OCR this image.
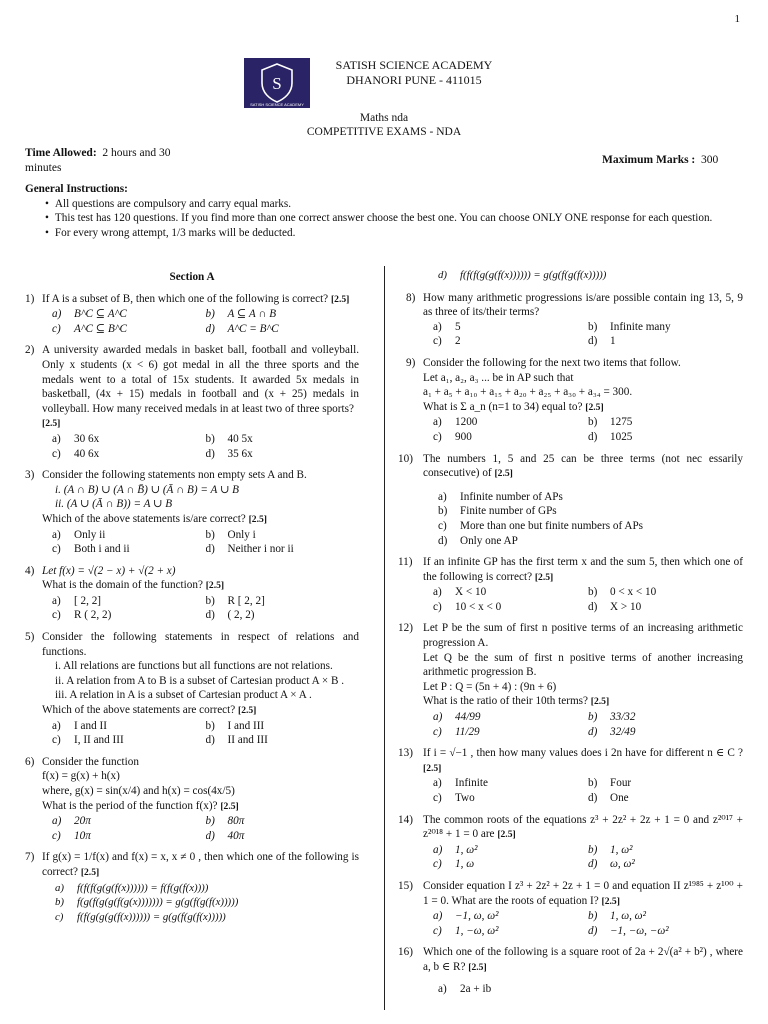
1
S
SATISH SCIENCE ACADEMY
SATISH SCIENCE ACADEMY
DHANORI PUNE - 411015
Maths nda
COMPETITIVE EXAMS - NDA
Time Allowed: 2 hours and 30
minutes
Maximum Marks : 300
General Instructions:
• All questions are compulsory and carry equal marks.
• This test has 120 questions. If you find more than one correct answer choose the best one. You can choose ONLY ONE response for each question.
• For every wrong attempt, 1/3 marks will be deducted.
Section A
1) If A is a subset of B, then which one of the following is correct? [2.5]
a)	B^C ⊆ A^C	b)	A ⊆ A ∩ B
c)	A^C ⊆ B^C	d)	A^C = B^C
2) A university awarded medals in basket ball, football and volleyball. Only x students (x < 6) got medal in all the three sports and the medals went to a total of 15x students. It awarded 5x medals in basketball, (4x + 15) medals in football and (x + 25) medals in volleyball. How many received medals in at least two of three sports?
[2.5]
a)	30 6x	b)	40 5x
c)	40 6x	d)	35 6x
3) Consider the following statements non empty sets A and B.
i. (A ∩ B) ∪ (A ∩ B̄) ∪ (Ā ∩ B) = A ∪ B
ii. (A ∪ (Ā ∩ B)) = A ∪ B
Which of the above statements is/are correct? [2.5]
a)	Only ii	b)	Only i
c)	Both i and ii	d)	Neither i nor ii
4) Let f(x) = √(2 − x) + √(2 + x)
What is the domain of the function? [2.5]
a)	[ 2, 2]	b)	R [ 2, 2]
c)	R ( 2, 2)	d)	( 2, 2)
5) Consider the following statements in respect of relations and functions.
i. All relations are functions but all functions are not relations.
ii. A relation from A to B is a subset of Cartesian product A × B .
iii. A relation in A is a subset of Cartesian product A × A .
Which of the above statements are correct? [2.5]
a)	I and II	b)	I and III
c)	I, II and III	d)	II and III
6) Consider the function
f(x) = g(x) + h(x)
where, g(x) = sin(x/4) and h(x) = cos(4x/5)
What is the period of the function f(x)? [2.5]
a)	20π	b)	80π
c)	10π	d)	40π
7) If g(x) = 1/f(x) and f(x) = x, x ≠ 0 , then which one of the following is correct? [2.5]
a)	f(f(f(g(g(f(x)))))) = f(f(g(f(x))))
b)	f(g(f(g(g(f(g(x))))))) = g(g(f(g(f(x)))))
c)	f(f(g(g(g(f(x)))))) = g(g(f(g(f(x)))))
d)	f(f(f(g(g(f(x)))))) = g(g(f(g(f(x)))))
8) How many arithmetic progressions is/are possible contain ing 13, 5, 9 as three of its/their terms?
a)	5	b)	Infinite many
c)	2	d)	1
9) Consider the following for the next two items that follow.
Let a₁, a₂, a₃ ... be in AP such that
a₁ + a₅ + a₁₀ + a₁₅ + a₂₀ + a₂₅ + a₃₀ + a₃₄ = 300.
What is Σ a_n (n=1 to 34) equal to? [2.5]
a)	1200	b)	1275
c)	900	d)	1025
10) The numbers 1, 5 and 25 can be three terms (not nec essarily consecutive) of [2.5]
a)	Infinite number of APs
b)	Finite number of GPs
c)	More than one but finite numbers of APs
d)	Only one AP
11) If an infinite GP has the first term x and the sum 5, then which one of the following is correct? [2.5]
a)	X < 10	b)	0 < x < 10
c)	10 < x < 0	d)	X > 10
12) Let P be the sum of first n positive terms of an increasing arithmetic progression A.
Let Q be the sum of first n positive terms of another increasing arithmetic progression B.
Let P : Q = (5n + 4) : (9n + 6)
What is the ratio of their 10th terms? [2.5]
a)	44/99	b)	33/32
c)	11/29	d)	32/49
13) If i = √−1 , then how many values does i 2n have for different n ∈ C ? [2.5]
a)	Infinite	b)	Four
c)	Two	d)	One
14) The common roots of the equations z³ + 2z² + 2z + 1 = 0 and z²⁰¹⁷ + z²⁰¹⁸ + 1 = 0 are [2.5]
a)	1, ω²	b)	1, ω²
c)	1, ω	d)	ω, ω²
15) Consider equation I z³ + 2z² + 2z + 1 = 0 and equation II z¹⁹⁸⁵ + z¹⁰⁰ + 1 = 0. What are the roots of equation I? [2.5]
a)	−1, ω, ω²	b)	1, ω, ω²
c)	1, −ω, ω²	d)	−1, −ω, −ω²
16) Which one of the following is a square root of 2a + 2√(a² + b²) , where a, b ∈ R? [2.5]
a)	2a + ib
